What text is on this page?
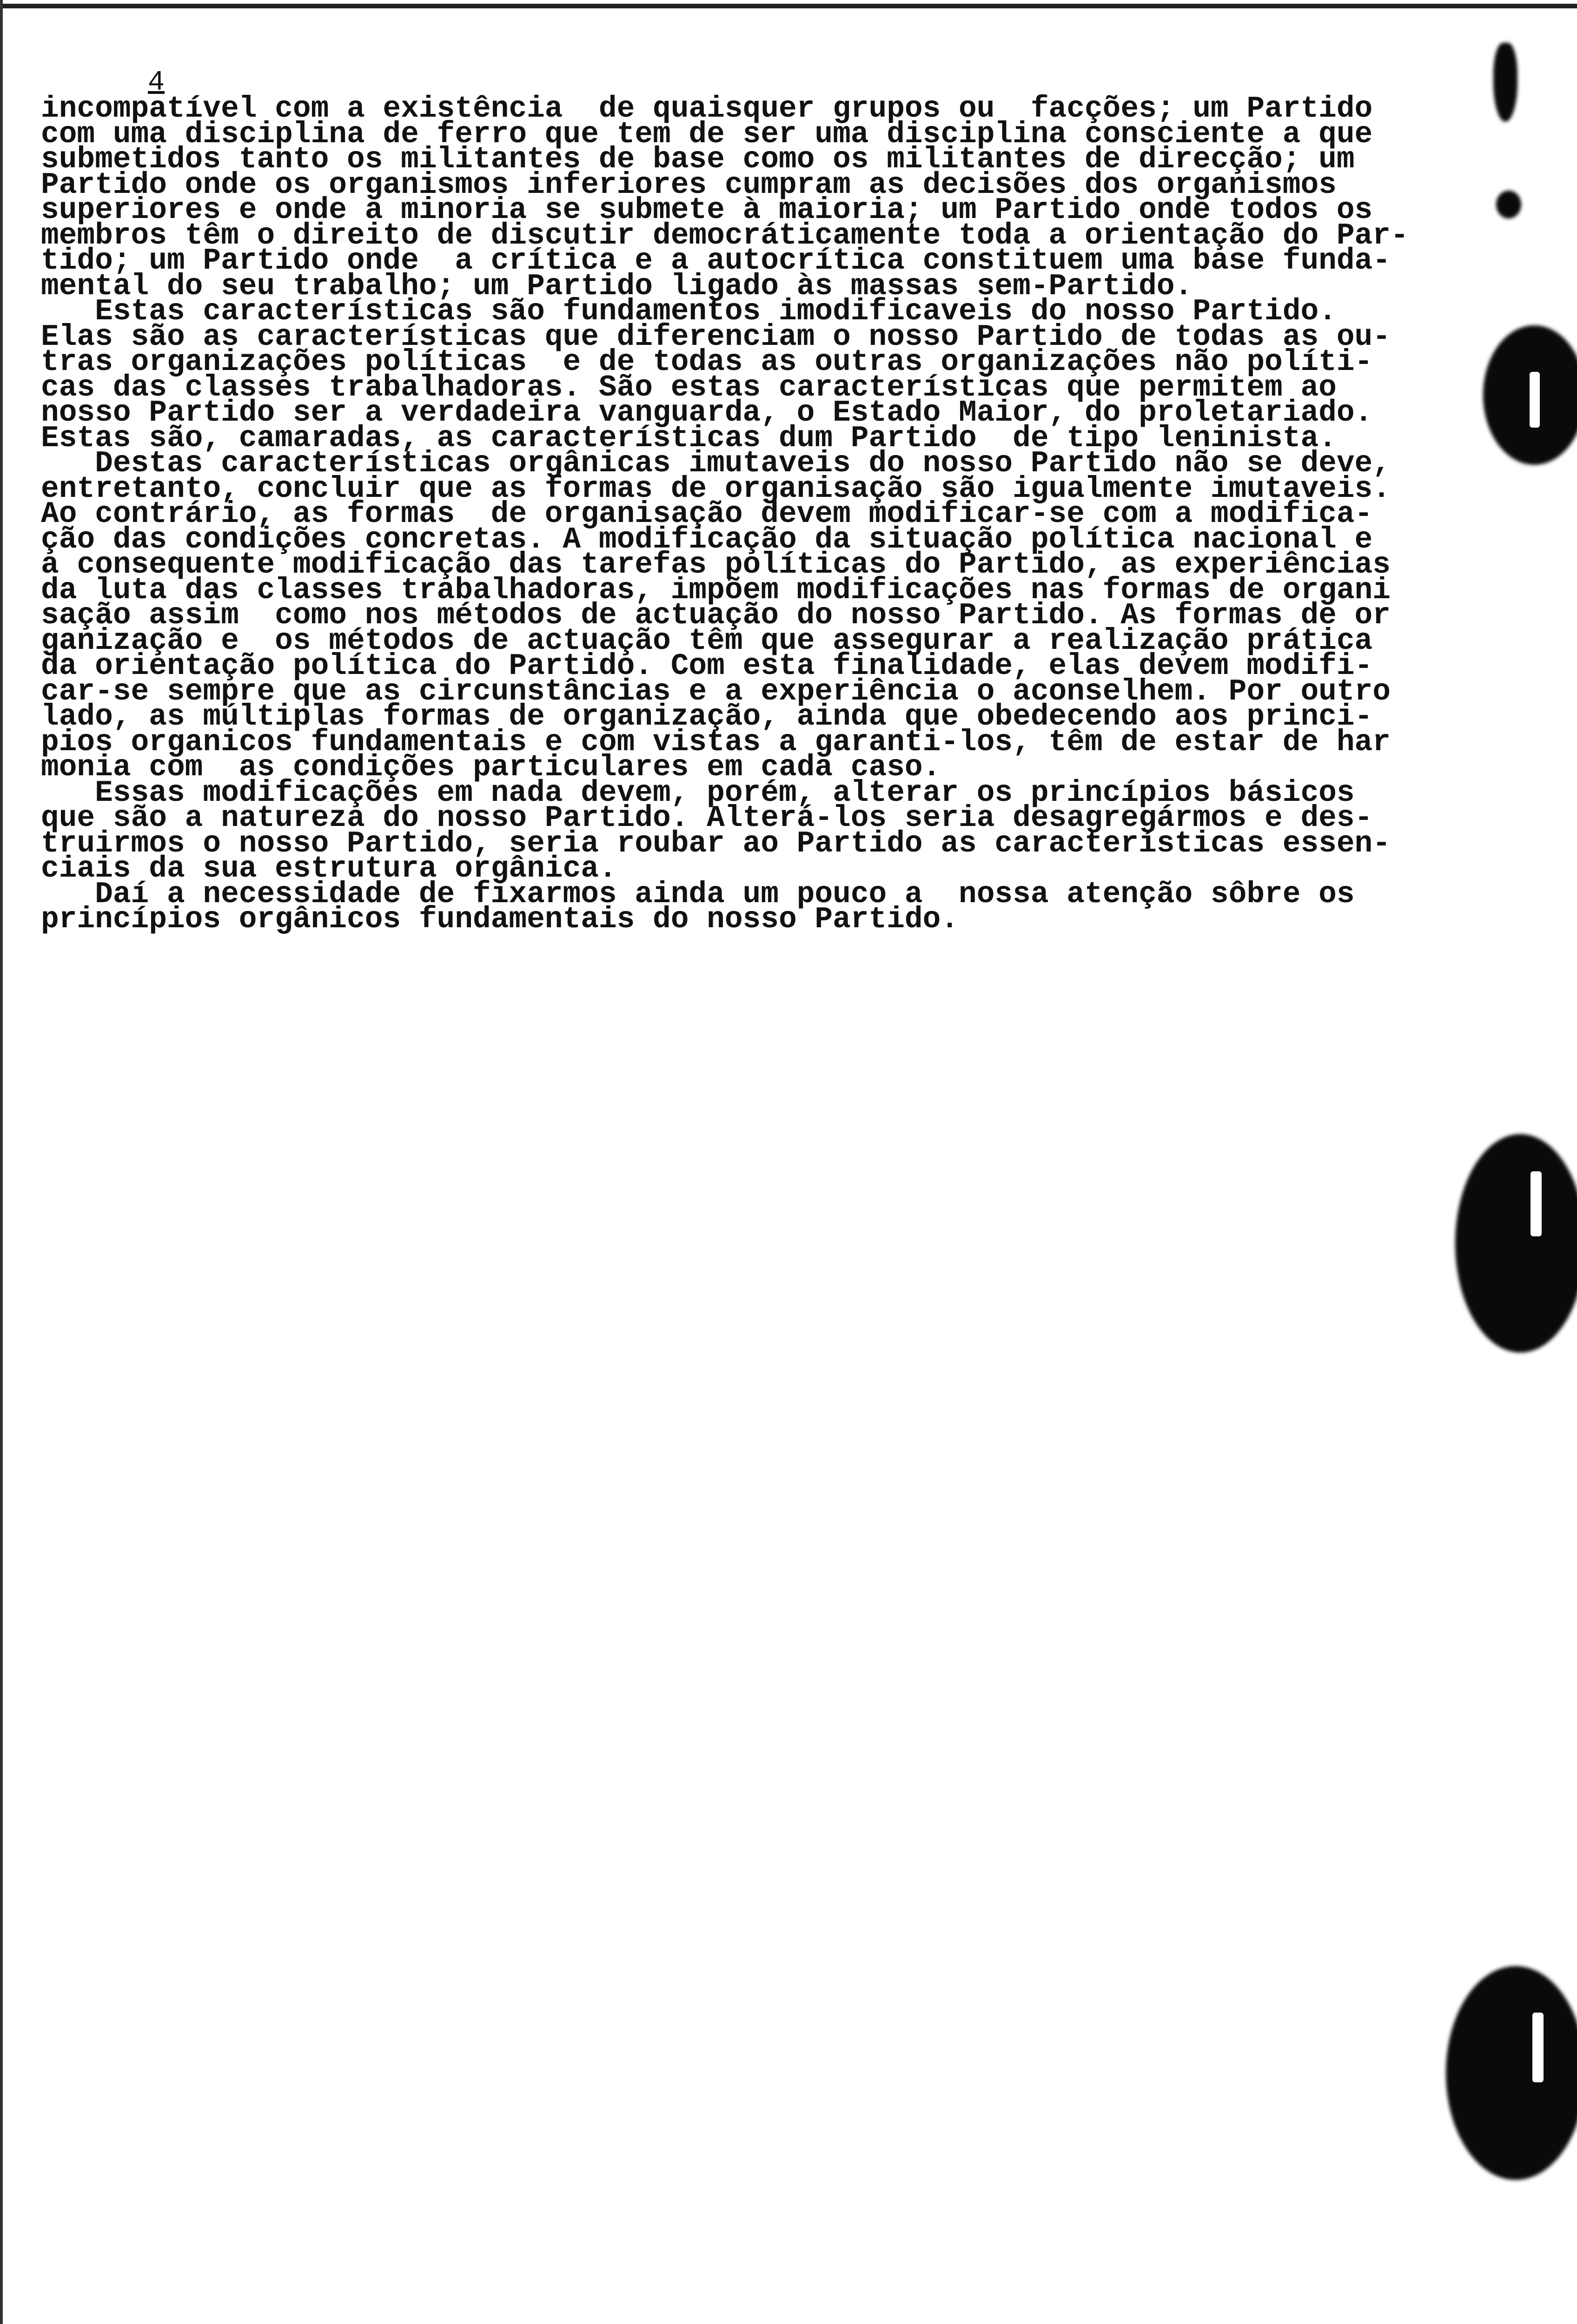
4
incompatível com a existência  de quaisquer grupos ou  facções; um Partido
com uma disciplina de ferro que tem de ser uma disciplina consciente a que
submetidos tanto os militantes de base como os militantes de direcção; um
Partido onde os organismos inferiores cumpram as decisões dos organismos
superiores e onde a minoria se submete à maioria; um Partido onde todos os
membros têm o direito de discutir democráticamente toda a orientação do Par-
tido; um Partido onde  a crítica e a autocrítica constituem uma base funda-
mental do seu trabalho; um Partido ligado às massas sem-Partido.
Estas características são fundamentos imodificaveis do nosso Partido.
Elas são as características que diferenciam o nosso Partido de todas as ou-
tras organizações políticas  e de todas as outras organizações não políti-
cas das classes trabalhadoras. São estas características que permitem ao
nosso Partido ser a verdadeira vanguarda, o Estado Maior, do proletariado.
Estas são, camaradas, as características dum Partido  de tipo leninista.
Destas características orgânicas imutaveis do nosso Partido não se deve,
entretanto, concluir que as formas de organisação são igualmente imutaveis.
Ao contrário, as formas  de organisação devem modificar-se com a modifica-
ção das condições concretas. A modificação da situação política nacional e
a consequente modificação das tarefas políticas do Partido, as experiências
da luta das classes trabalhadoras, impõem modificações nas formas de organi
sação assim  como nos métodos de actuação do nosso Partido. As formas de or
ganização e  os métodos de actuação têm que assegurar a realização prática
da orientação política do Partido. Com esta finalidade, elas devem modifi-
car-se sempre que as circunstâncias e a experiência o aconselhem. Por outro
lado, as múltiplas formas de organização, ainda que obedecendo aos princi-
pios organicos fundamentais e com vistas a garanti-los, têm de estar de har
monia com  as condições particulares em cada caso.
Essas modificações em nada devem, porém, alterar os princípios básicos
que são a natureza do nosso Partido. Alterá-los seria desagregármos e des-
truirmos o nosso Partido, seria roubar ao Partido as características essen-
ciais da sua estrutura orgânica.
Daí a necessidade de fixarmos ainda um pouco a  nossa atenção sôbre os
princípios orgânicos fundamentais do nosso Partido.
